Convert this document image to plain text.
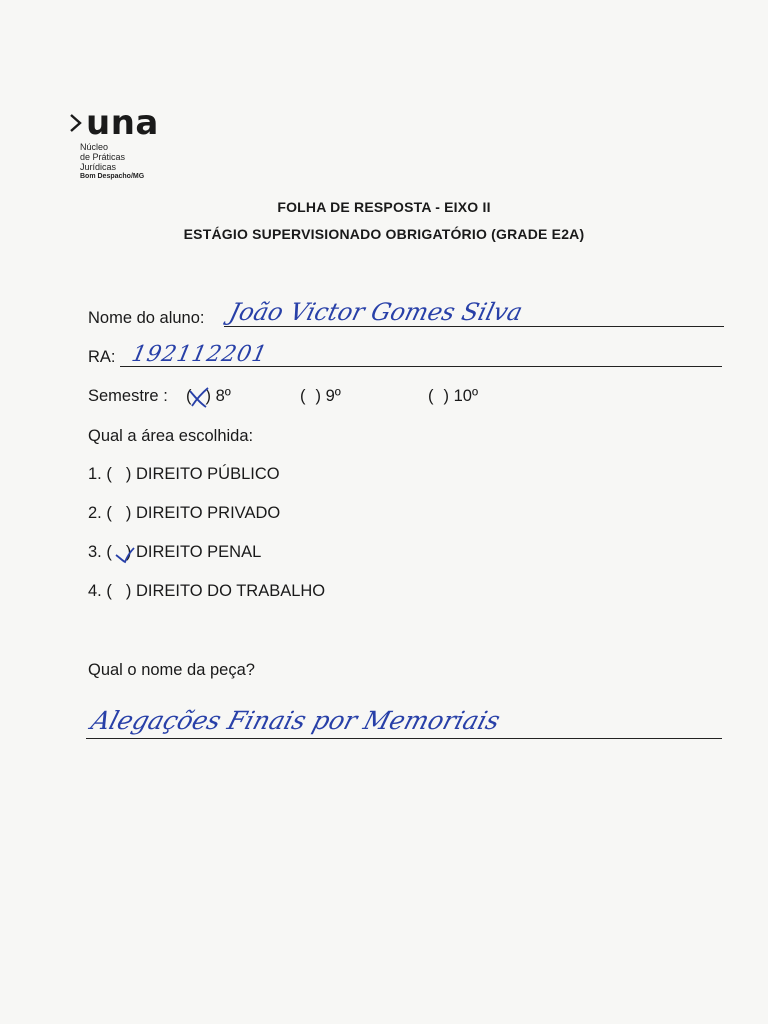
una
Núcleo
de Práticas
Jurídicas
Bom Despacho/MG
FOLHA DE RESPOSTA - EIXO II
ESTÁGIO SUPERVISIONADO OBRIGATÓRIO (GRADE E2A)
Nome do aluno: João Victor Gomes Silva
RA: 192112201
Semestre : ( ) 8º	( ) 9º	( ) 10º
Qual a área escolhida:
1. ( ) DIREITO PÚBLICO
2. ( ) DIREITO PRIVADO
3. ( ) DIREITO PENAL
4. ( ) DIREITO DO TRABALHO
Qual o nome da peça?
Alegações Finais por Memoriais
